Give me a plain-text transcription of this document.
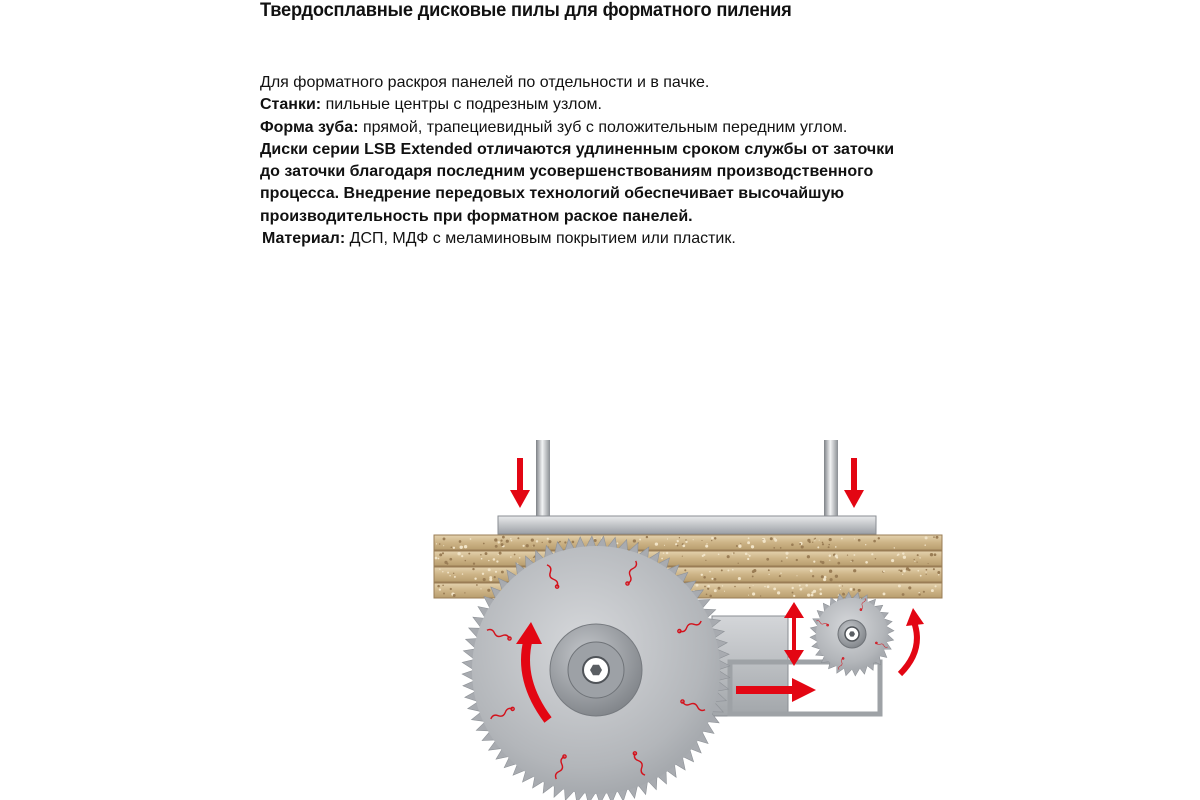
Твердосплавные дисковые пилы для форматного пиления

Для форматного раскроя панелей по отдельности и в пачке.

Станки: пильные центры с подрезным узлом.

Форма зуба: прямой, трапециевидный зуб с положительным передним углом.

Диски серии LSB Extended отличаются удлиненным сроком службы от заточки

до заточки благодаря последним усовершенствованиям производственного

процесса. Внедрение передовых технологий обеспечивает высочайшую

производительность при форматном раское панелей.

Материал: ДСП, МДФ с меламиновым покрытием или пластик.
